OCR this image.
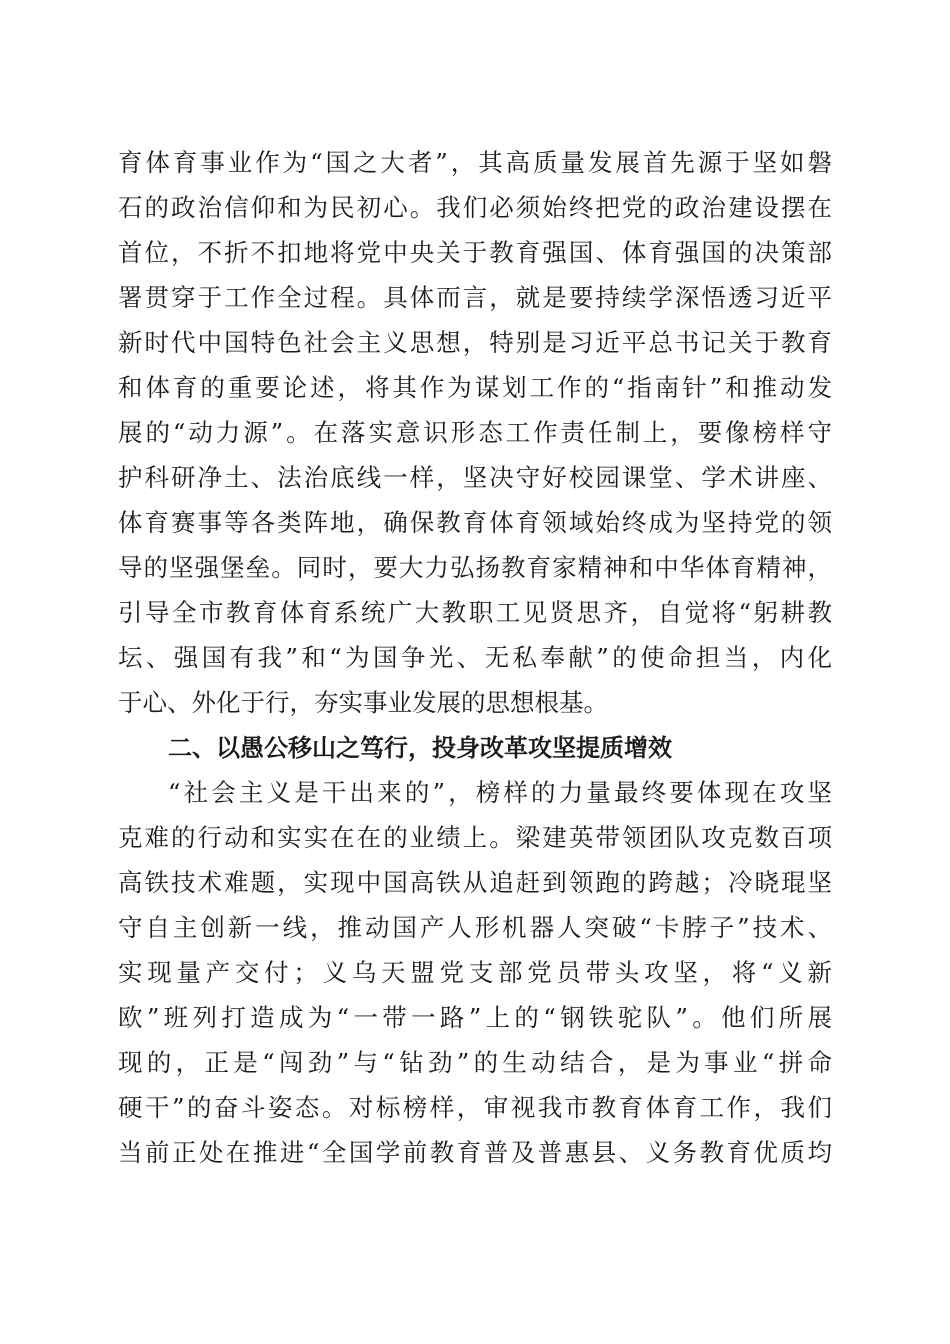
育体育事业作为“国之大者”，其高质量发展首先源于坚如磐
石的政治信仰和为民初心。我们必须始终把党的政治建设摆在
首位，不折不扣地将党中央关于教育强国、体育强国的决策部
署贯穿于工作全过程。具体而言，就是要持续学深悟透习近平
新时代中国特色社会主义思想，特别是习近平总书记关于教育
和体育的重要论述，将其作为谋划工作的“指南针”和推动发
展的“动力源”。在落实意识形态工作责任制上，要像榜样守
护科研净土、法治底线一样，坚决守好校园课堂、学术讲座、
体育赛事等各类阵地，确保教育体育领域始终成为坚持党的领
导的坚强堡垒。同时，要大力弘扬教育家精神和中华体育精神，
引导全市教育体育系统广大教职工见贤思齐，自觉将“躬耕教
坛、强国有我”和“为国争光、无私奉献”的使命担当，内化
于心、外化于行，夯实事业发展的思想根基。
二、以愚公移山之笃行，投身改革攻坚提质增效
“社会主义是干出来的”，榜样的力量最终要体现在攻坚
克难的行动和实实在在的业绩上。梁建英带领团队攻克数百项
高铁技术难题，实现中国高铁从追赶到领跑的跨越；冷晓琨坚
守自主创新一线，推动国产人形机器人突破“卡脖子”技术、
实现量产交付；义乌天盟党支部党员带头攻坚，将“义新
欧”班列打造成为“一带一路”上的“钢铁驼队”。他们所展
现的，正是“闯劲”与“钻劲”的生动结合，是为事业“拼命
硬干”的奋斗姿态。对标榜样，审视我市教育体育工作，我们
当前正处在推进“全国学前教育普及普惠县、义务教育优质均
